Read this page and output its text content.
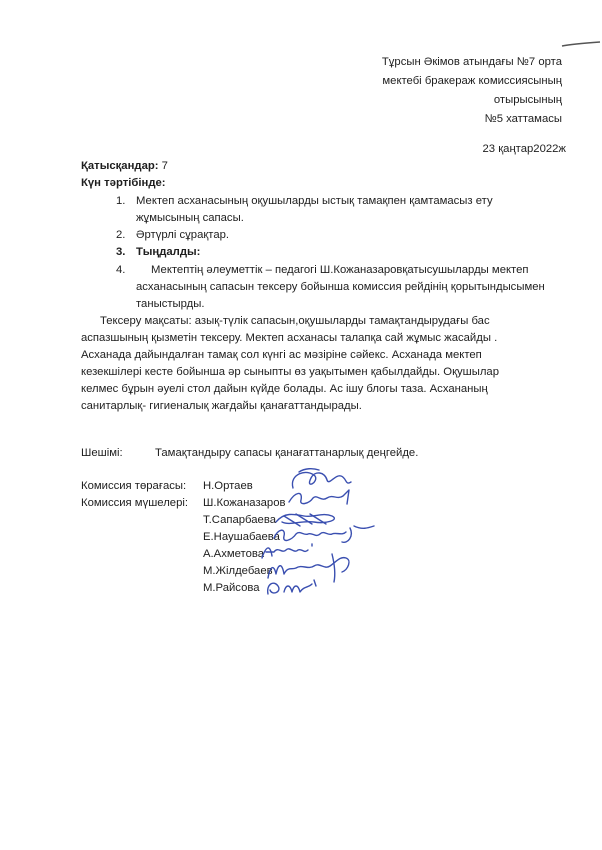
Тұрсын Әкімов атындағы №7 орта
мектебі бракераж комиссиясының
отырысының
№5 хаттамасы
23 қаңтар2022ж
Қатысқандар: 7
Күн тәртібінде:
1. Мектеп асханасының оқушыларды ыстық тамақпен қамтамасыз ету
жұмысының сапасы.
2. Әртүрлі сұрақтар.
3. Тыңдалды:
4. Мектептің әлеуметтік – педагогі Ш.Кожаназаровқатысушыларды мектеп
асханасының сапасын тексеру бойынша комиссия рейдінің қорытындысымен
таныстырды.
Тексеру мақсаты: азық-түлік сапасын,оқушыларды тамақтандырудағы бас
аспазшының қызметін тексеру. Мектеп асханасы талапқа сай жұмыс жасайды .
Асханада дайындалған тамақ сол күнгі ас мәзіріне сәйекс. Асханада мектеп
кезекшілері кесте бойынша әр сыныпты өз уақытымен қабылдайды. Оқушылар
келмес бұрын әуелі стол дайын күйде болады. Ас ішу блогы таза. Асхананың
санитарлық- гигиеналық жағдайы қанағаттандырады.
Шешімі:	Тамақтандыру сапасы қанағаттанарлық деңгейде.
Комиссия төрағасы: Н.Ортаев
Комиссия мүшелері: Ш.Кожаназаров
Т.Сапарбаева
Е.Наушабаева
А.Ахметова
М.Жілдебаев
М.Райсова
